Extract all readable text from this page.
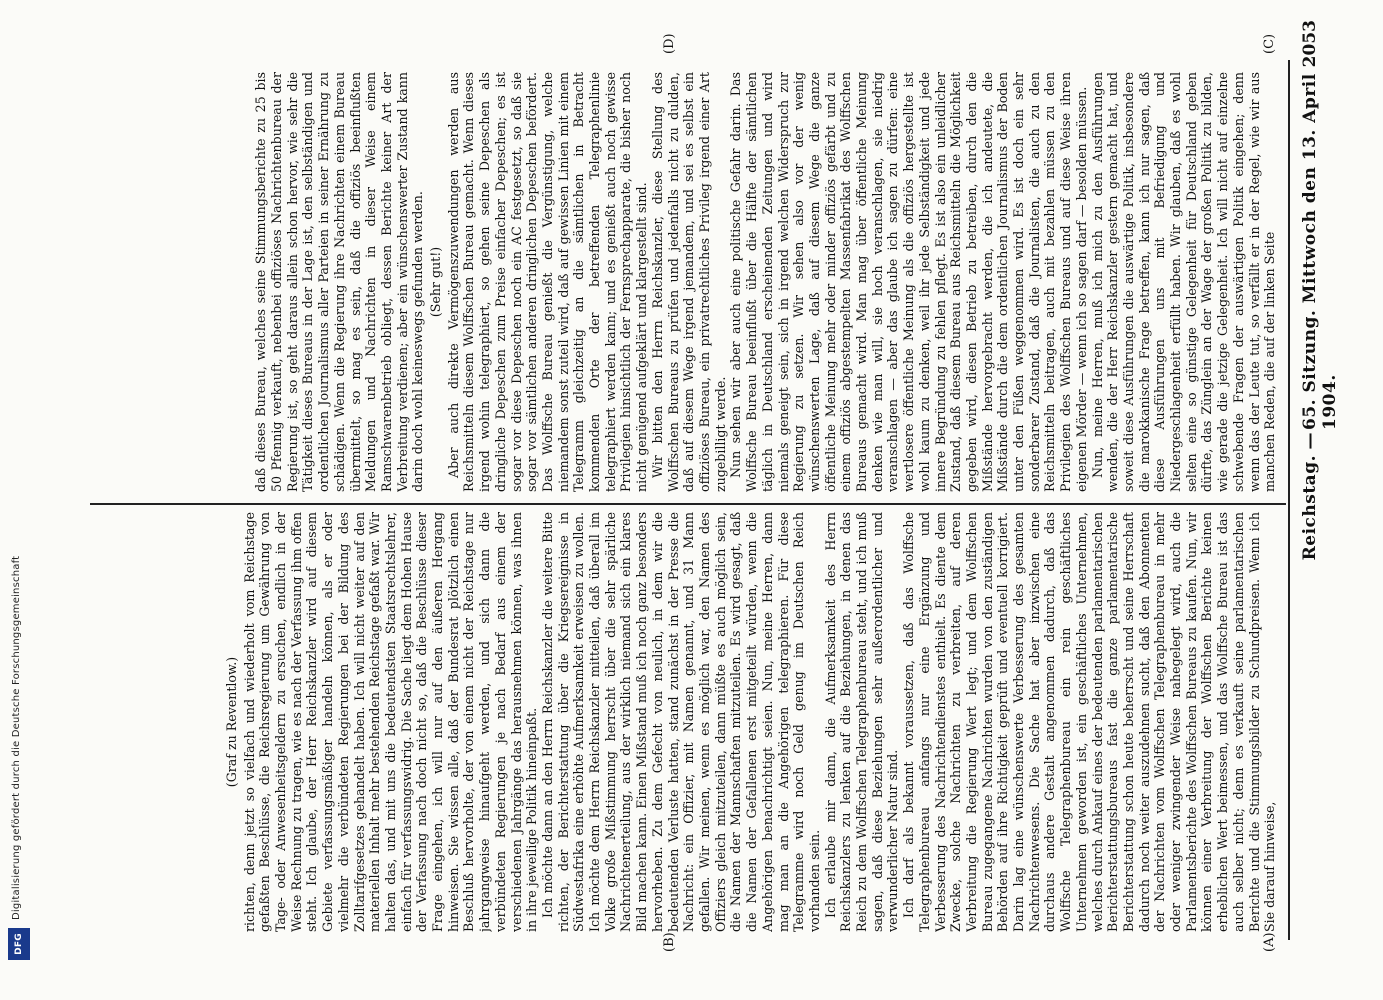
DFG
Digitalisierung gefördert durch die Deutsche Forschungsgemeinschaft
Reichstag.
—
65. Sitzung. Mittwoch den 13. April 1904.
2053
(A)
(B)
(C)
(D)

(Graf zu Reventlow.) richten, denn jetzt so vielfach und wiederholt vom Reichstage gefaßten Beschlüsse, die Reichsregierung um Gewährung von Tage- oder Anwesenheitsgeldern zu ersuchen, endlich in der Weise Rechnung zu tragen, wie es nach der Verfassung ihm offen steht. Ich glaube, der Herr Reichskanzler wird auf diesem Gebiete verfassungsmäßiger handeln können, als er oder vielmehr die verbündeten Regierungen bei der Bildung des Zolltarifgesetzes gehandelt haben. Ich will nicht weiter auf den materiellen Inhalt mehr bestehenden Reichstage gefaßt war. Wir halten das, und mit uns die bedeutendsten Staatsrechtslehrer, einfach für verfassungswidrig. Die Sache liegt dem Hohen Hause der Verfassung nach doch nicht so, daß die Beschlüsse dieser Frage eingehen, ich will nur auf den äußeren Hergang hinweisen. Sie wissen alle, daß der Bundesrat plötzlich einen Beschluß hervorholte, der von einem nicht der Reichstage nur jahrgangweise hinaufgeht werden, und sich dann die verbündeten Regierungen je nach Bedarf aus einem der verschiedenen Jahrgänge das herausnehmen können, was ihnen in ihre jeweilige Politik hineinpaßt. Ich möchte dann an den Herrn Reichskanzler die weitere Bitte richten, der Berichterstattung über die Kriegsereignisse in Südwestafrika eine erhöhte Aufmerksamkeit erweisen zu wollen. Ich möchte dem Herrn Reichskanzler mitteilen, daß überall im Volke große Mißstimmung herrscht über die sehr spärliche Nachrichtenerteilung, aus der wirklich niemand sich ein klares Bild machen kann. Einen Mißstand muß ich noch ganz besonders hervorheben. Zu dem Gefecht von neulich, in dem wir die bedeutenden Verluste hatten, stand zunächst in der Presse die Nachricht: ein Offizier, mit Namen genannt, und 31 Mann gefallen. Wir meinen, wenn es möglich war, den Namen des Offiziers gleich mitzuteilen, dann müßte es auch möglich sein, die Namen der Mannschaften mitzuteilen. Es wird gesagt, daß die Namen der Gefallenen erst mitgeteilt würden, wenn die Angehörigen benachrichtigt seien. Nun, meine Herren, dann mag man an die Angehörigen telegraphieren. Für diese Telegramme wird noch Geld genug im Deutschen Reich vorhanden sein. Ich erlaube mir dann, die Aufmerksamkeit des Herrn Reichskanzlers zu lenken auf die Beziehungen, in denen das Reich zu dem Wolffschen Telegraphenbureau steht, und ich muß sagen, daß diese Beziehungen sehr außerordentlicher und verwunderlicher Natur sind. Ich darf als bekannt voraussetzen, daß das Wolffsche Telegraphenbureau anfangs nur eine Ergänzung und Verbesserung des Nachrichtendienstes enthielt. Es diente dem Zwecke, solche Nachrichten zu verbreiten, auf deren Verbreitung die Regierung Wert legt; und dem Wolffschen Bureau zugegangene Nachrichten wurden von den zuständigen Behörden auf ihre Richtigkeit geprüft und eventuell korrigiert. Darin lag eine wünschenswerte Verbesserung des gesamten Nachrichtenwesens. Die Sache hat aber inzwischen eine durchaus andere Gestalt angenommen dadurch, daß das Wolffsche Telegraphenbureau ein rein geschäftliches Unternehmen geworden ist, ein geschäftliches Unternehmen, welches durch Ankauf eines der bedeutenden parlamentarischen Berichterstattungsbureaus fast die ganze parlamentarische Berichterstattung schon heute beherrscht und seine Herrschaft dadurch noch weiter auszudehnen sucht, daß den Abonnenten der Nachrichten vom Wolffschen Telegraphenbureau in mehr oder weniger zwingender Weise nahegelegt wird, auch die Parlamentsberichte des Wolffschen Bureaus zu kaufen. Nun, wir können einer Verbreitung der Wolffschen Berichte keinen erheblichen Wert beimessen, und das Wolffsche Bureau ist das auch selber nicht; denn es verkauft seine parlamentarischen Berichte und die Stimmungsbilder zu Schundpreisen. Wenn ich Sie darauf hinweise,

daß dieses Bureau, welches seine Stimmungsberichte zu 25 bis 50 Pfennig verkauft, nebenbei offiziöses Nachrichtenbureau der Regierung ist, so geht daraus allein schon hervor, wie sehr die Tätigkeit dieses Bureaus in der Lage ist, den selbständigen und ordentlichen Journalismus aller Parteien in seiner Ernährung zu schädigen. Wenn die Regierung ihre Nachrichten einem Bureau übermittelt, so mag es sein, daß die offiziös beeinflußten Meldungen und Nachrichten in dieser Weise einem Ramschwarenbetrieb obliegt, dessen Berichte keiner Art der Verbreitung verdienen; aber ein wünschenswerter Zustand kann darin doch wohl keineswegs gefunden werden. (Sehr gut!) Aber auch direkte Vermögenszuwendungen werden aus Reichsmitteln diesem Wolffschen Bureau gemacht. Wenn dieses irgend wohin telegraphiert, so gehen seine Depeschen als dringliche Depeschen zum Preise einfacher Depeschen; es ist sogar vor diese Depeschen noch ein AC festgesetzt, so daß sie sogar vor sämtlichen anderen dringlichen Depeschen befördert. Das Wolffsche Bureau genießt die Vergünstigung, welche niemandem sonst zuteil wird, daß auf gewissen Linien mit einem Telegramm gleichzeitig an die sämtlichen in Betracht kommenden Orte der betreffenden Telegraphenlinie telegraphiert werden kann; und es genießt auch noch gewisse Privilegien hinsichtlich der Fernsprechapparate, die bisher noch nicht genügend aufgeklärt und klargestellt sind. Wir bitten den Herrn Reichskanzler, diese Stellung des Wolffschen Bureaus zu prüfen und jedenfalls nicht zu dulden, daß auf diesem Wege irgend jemandem, und sei es selbst ein offiziöses Bureau, ein privatrechtliches Privileg irgend einer Art zugebilligt werde. Nun sehen wir aber auch eine politische Gefahr darin. Das Wolffsche Bureau beeinflußt über die Hälfte der sämtlichen täglich in Deutschland erscheinenden Zeitungen und wird niemals geneigt sein, sich in irgend welchen Widerspruch zur Regierung zu setzen. Wir sehen also vor der wenig wünschenswerten Lage, daß auf diesem Wege die ganze öffentliche Meinung mehr oder minder offiziös gefärbt und zu einem offiziös abgestempelten Massenfabrikat des Wolffschen Bureaus gemacht wird. Man mag über öffentliche Meinung denken wie man will, sie hoch veranschlagen, sie niedrig veranschlagen — aber das glaube ich sagen zu dürfen: eine wertlosere öffentliche Meinung als die offiziös hergestellte ist wohl kaum zu denken, weil ihr jede Selbständigkeit und jede innere Begründung zu fehlen pflegt. Es ist also ein unleidlicher Zustand, daß diesem Bureau aus Reichsmitteln die Möglichkeit gegeben wird, diesen Betrieb zu betreiben, durch den die Mißstände hervorgebracht werden, die ich andeutete, die Mißstände durch die dem ordentlichen Journalismus der Boden unter den Füßen weggenommen wird. Es ist doch ein sehr sonderbarer Zustand, daß die Journalisten, die auch zu den Reichsmitteln beitragen, auch mit bezahlen müssen zu den Privilegien des Wolffschen Bureaus und auf diese Weise ihren eigenen Mörder — wenn ich so sagen darf — besolden müssen. Nun, meine Herren, muß ich mich zu den Ausführungen wenden, die der Herr Reichskanzler gestern gemacht hat, und soweit diese Ausführungen die auswärtige Politik, insbesondere die marokkanische Frage betreffen, kann ich nur sagen, daß diese Ausführungen uns mit Befriedigung und Niedergeschlagenheit erfüllt haben. Wir glauben, daß es wohl selten eine so günstige Gelegenheit für Deutschland geben dürfte, das Zünglein an der Wage der großen Politik zu bilden, wie gerade die jetzige Gelegenheit. Ich will nicht auf einzelne schwebende Fragen der auswärtigen Politik eingehen; denn wenn das der Leute tut, so verfällt er in der Regel, wie wir aus manchen Reden, die auf der linken Seite
